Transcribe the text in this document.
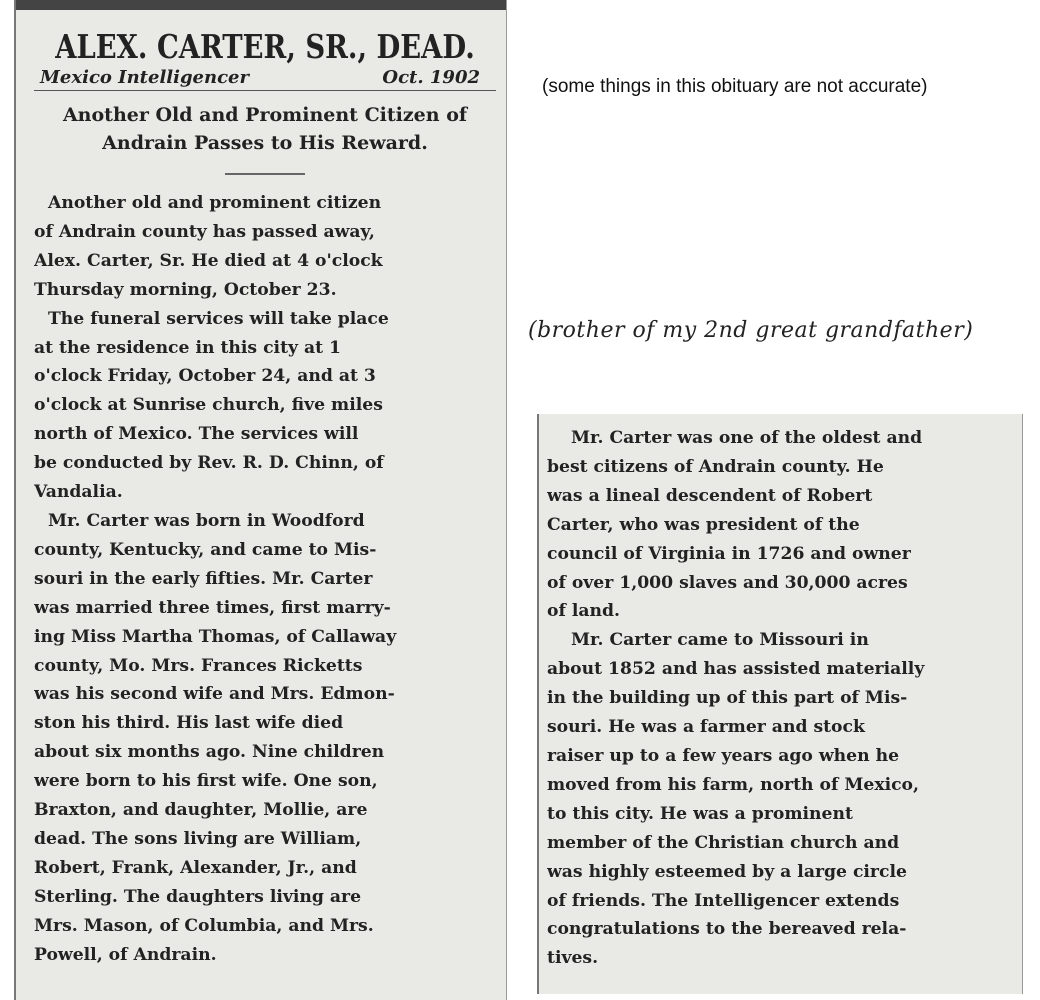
ALEX. CARTER, SR., DEAD.
Mexico Intelligencer	Oct. 1902
Another Old and Prominent Citizen of
Andrain Passes to His Reward.
Another old and prominent citizen
of Andrain county has passed away,
Alex. Carter, Sr. He died at 4 o'clock
Thursday morning, October 23.
The funeral services will take place
at the residence in this city at 1
o'clock Friday, October 24, and at 3
o'clock at Sunrise church, five miles
north of Mexico. The services will
be conducted by Rev. R. D. Chinn, of
Vandalia.
Mr. Carter was born in Woodford
county, Kentucky, and came to Mis-
souri in the early fifties. Mr. Carter
was married three times, first marry-
ing Miss Martha Thomas, of Callaway
county, Mo. Mrs. Frances Ricketts
was his second wife and Mrs. Edmon-
ston his third. His last wife died
about six months ago. Nine children
were born to his first wife. One son,
Braxton, and daughter, Mollie, are
dead. The sons living are William,
Robert, Frank, Alexander, Jr., and
Sterling. The daughters living are
Mrs. Mason, of Columbia, and Mrs.
Powell, of Andrain.
(some things in this obituary are not accurate)
(brother of my 2nd great grandfather)
Mr. Carter was one of the oldest and
best citizens of Andrain county. He
was a lineal descendent of Robert
Carter, who was president of the
council of Virginia in 1726 and owner
of over 1,000 slaves and 30,000 acres
of land.
Mr. Carter came to Missouri in
about 1852 and has assisted materially
in the building up of this part of Mis-
souri. He was a farmer and stock
raiser up to a few years ago when he
moved from his farm, north of Mexico,
to this city. He was a prominent
member of the Christian church and
was highly esteemed by a large circle
of friends. The Intelligencer extends
congratulations to the bereaved rela-
tives.
